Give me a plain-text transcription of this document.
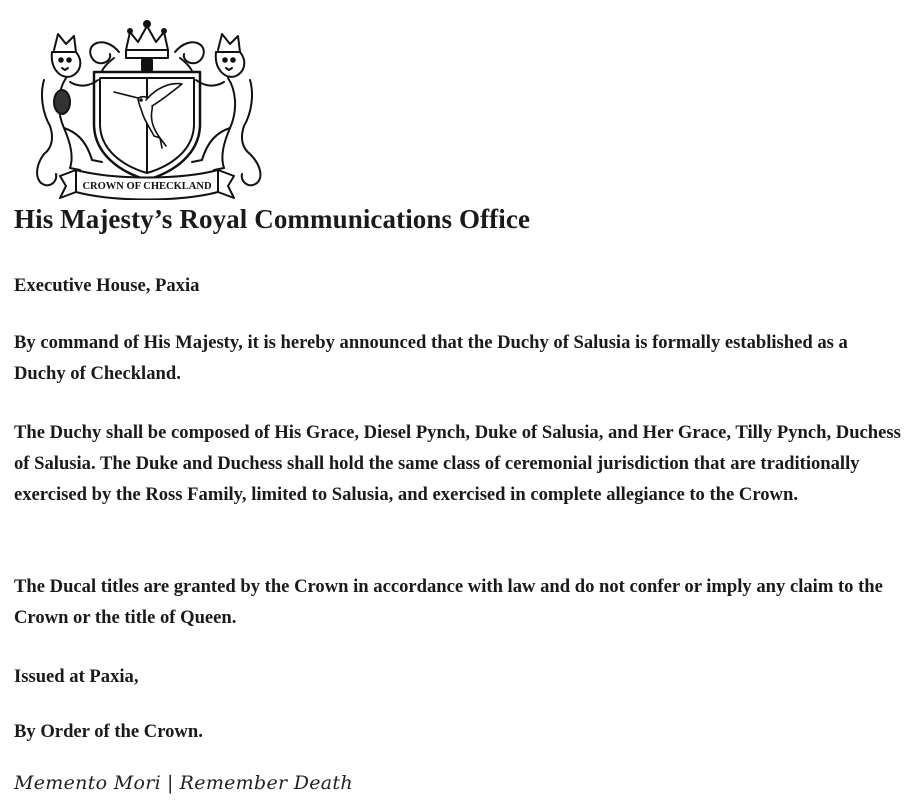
CROWN OF CHECKLAND
His Majesty’s Royal Communications Office

Executive House, Paxia

By command of His Majesty, it is hereby announced that the Duchy of Salusia is formally established as a Duchy of Checkland.

The Duchy shall be composed of His Grace, Diesel Pynch, Duke of Salusia, and Her Grace, Tilly Pynch, Duchess of Salusia. The Duke and Duchess shall hold the same class of ceremonial jurisdiction that are traditionally exercised by the Ross Family, limited to Salusia, and exercised in complete allegiance to the Crown.

The Ducal titles are granted by the Crown in accordance with law and do not confer or imply any claim to the Crown or the title of Queen.

Issued at Paxia,

By Order of the Crown.

Memento Mori | Remember Death
